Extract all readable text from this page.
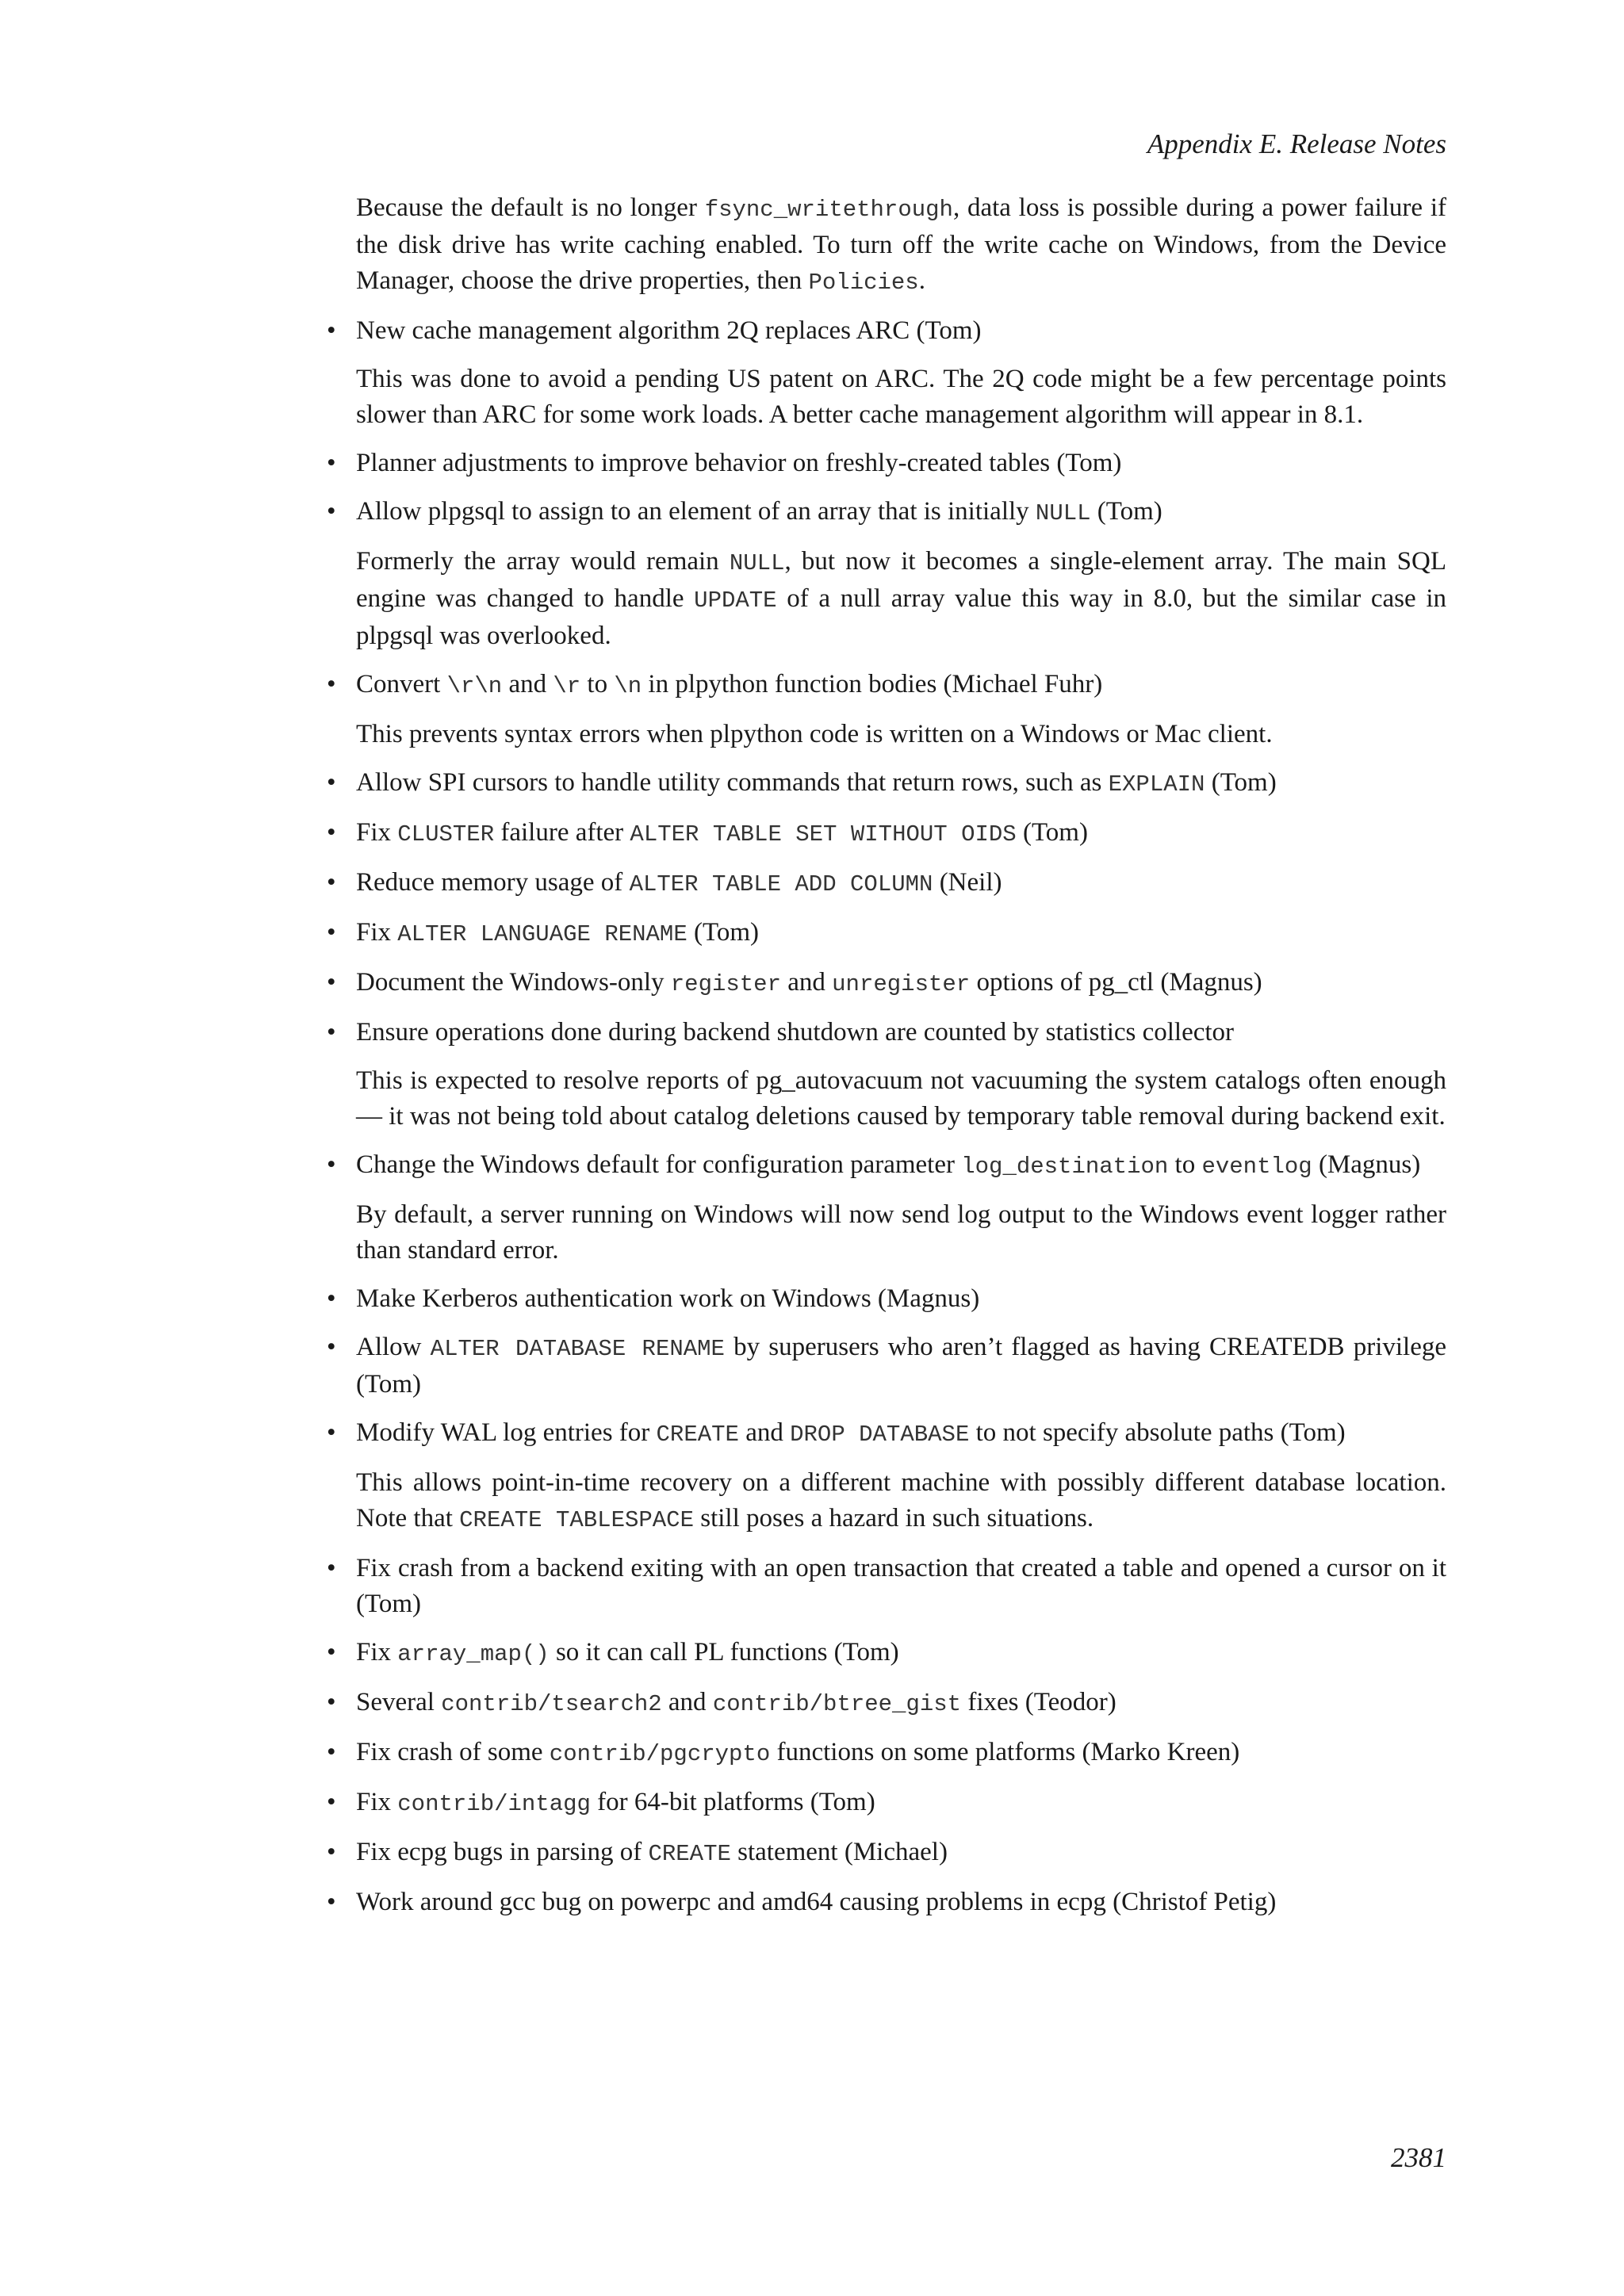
Appendix E. Release Notes

Because the default is no longer fsync_writethrough, data loss is possible during a power failure if the disk drive has write caching enabled. To turn off the write cache on Windows, from the Device Manager, choose the drive properties, then Policies.

• New cache management algorithm 2Q replaces ARC (Tom)

This was done to avoid a pending US patent on ARC. The 2Q code might be a few percentage points slower than ARC for some work loads. A better cache management algorithm will appear in 8.1.

• Planner adjustments to improve behavior on freshly-created tables (Tom)

• Allow plpgsql to assign to an element of an array that is initially NULL (Tom)

Formerly the array would remain NULL, but now it becomes a single-element array. The main SQL engine was changed to handle UPDATE of a null array value this way in 8.0, but the similar case in plpgsql was overlooked.

• Convert \r\n and \r to \n in plpython function bodies (Michael Fuhr)

This prevents syntax errors when plpython code is written on a Windows or Mac client.

• Allow SPI cursors to handle utility commands that return rows, such as EXPLAIN (Tom)

• Fix CLUSTER failure after ALTER TABLE SET WITHOUT OIDS (Tom)

• Reduce memory usage of ALTER TABLE ADD COLUMN (Neil)

• Fix ALTER LANGUAGE RENAME (Tom)

• Document the Windows-only register and unregister options of pg_ctl (Magnus)

• Ensure operations done during backend shutdown are counted by statistics collector

This is expected to resolve reports of pg_autovacuum not vacuuming the system catalogs often enough — it was not being told about catalog deletions caused by temporary table removal during backend exit.

• Change the Windows default for configuration parameter log_destination to eventlog (Magnus)

By default, a server running on Windows will now send log output to the Windows event logger rather than standard error.

• Make Kerberos authentication work on Windows (Magnus)

• Allow ALTER DATABASE RENAME by superusers who aren’t flagged as having CREATEDB privilege (Tom)

• Modify WAL log entries for CREATE and DROP DATABASE to not specify absolute paths (Tom)

This allows point-in-time recovery on a different machine with possibly different database location. Note that CREATE TABLESPACE still poses a hazard in such situations.

• Fix crash from a backend exiting with an open transaction that created a table and opened a cursor on it (Tom)

• Fix array_map() so it can call PL functions (Tom)

• Several contrib/tsearch2 and contrib/btree_gist fixes (Teodor)

• Fix crash of some contrib/pgcrypto functions on some platforms (Marko Kreen)

• Fix contrib/intagg for 64-bit platforms (Tom)

• Fix ecpg bugs in parsing of CREATE statement (Michael)

• Work around gcc bug on powerpc and amd64 causing problems in ecpg (Christof Petig)

2381
